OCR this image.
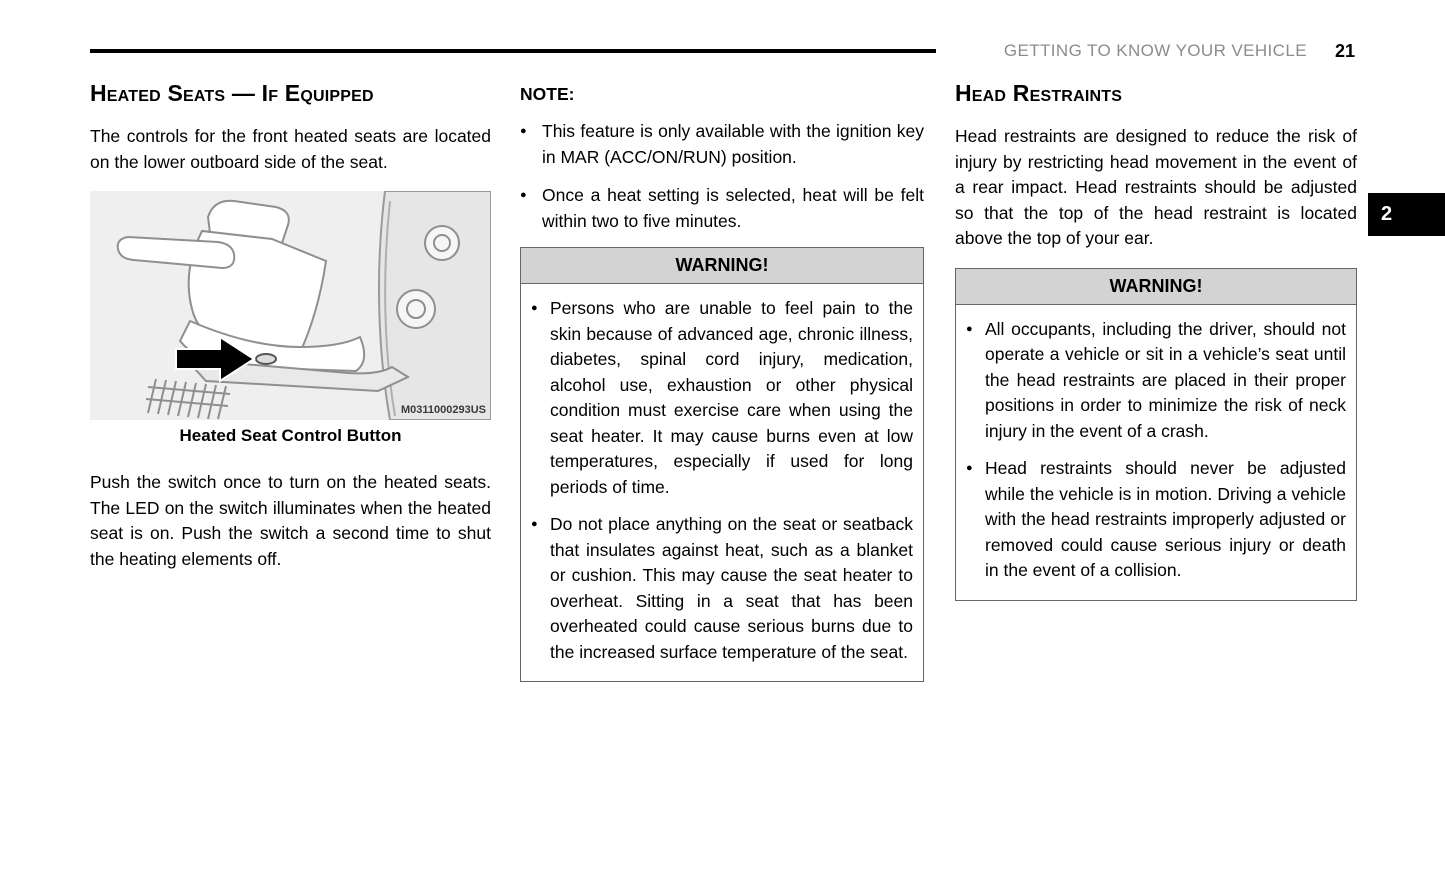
GETTING TO KNOW YOUR VEHICLE 21
2
Heated Seats — If Equipped

The controls for the front heated seats are located on the lower outboard side of the seat.

M0311000293US
Heated Seat Control Button

Push the switch once to turn on the heated seats. The LED on the switch illuminates when the heated seat is on. Push the switch a second time to shut the heating elements off.

NOTE:
● This feature is only available with the ignition key in MAR (ACC/ON/RUN) position.
● Once a heat setting is selected, heat will be felt within two to five minutes.
WARNING!
● Persons who are unable to feel pain to the skin because of advanced age, chronic illness, diabetes, spinal cord injury, medication, alcohol use, exhaustion or other physical condition must exercise care when using the seat heater. It may cause burns even at low temperatures, especially if used for long periods of time.
● Do not place anything on the seat or seatback that insulates against heat, such as a blanket or cushion. This may cause the seat heater to overheat. Sitting in a seat that has been overheated could cause serious burns due to the increased surface temperature of the seat.
Head Restraints

Head restraints are designed to reduce the risk of injury by restricting head movement in the event of a rear impact. Head restraints should be adjusted so that the top of the head restraint is located above the top of your ear.

WARNING!
● All occupants, including the driver, should not operate a vehicle or sit in a vehicle’s seat until the head restraints are placed in their proper positions in order to minimize the risk of neck injury in the event of a crash.
● Head restraints should never be adjusted while the vehicle is in motion. Driving a vehicle with the head restraints improperly adjusted or removed could cause serious injury or death in the event of a collision.
